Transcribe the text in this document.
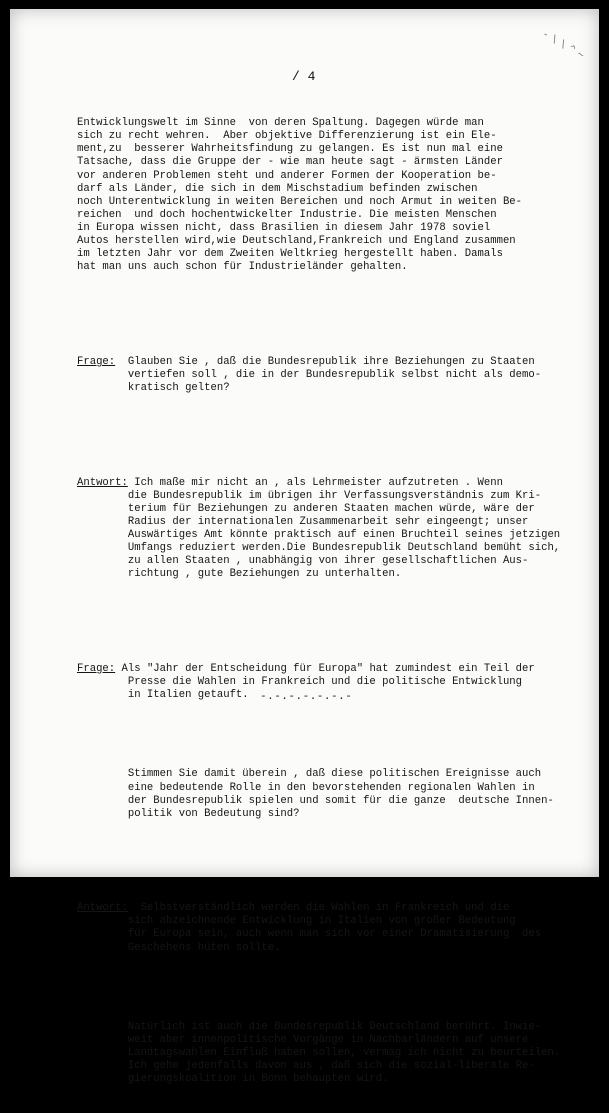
- \ \ ^ ~
/ 4

Entwicklungswelt im Sinne  von deren Spaltung. Dagegen würde man
sich zu recht wehren.  Aber objektive Differenzierung ist ein Ele-
ment,zu  besserer Wahrheitsfindung zu gelangen. Es ist nun mal eine
Tatsache, dass die Gruppe der - wie man heute sagt - ärmsten Länder
vor anderen Problemen steht und anderer Formen der Kooperation be-
darf als Länder, die sich in dem Mischstadium befinden zwischen
noch Unterentwicklung in weiten Bereichen und noch Armut in weiten Be-
reichen  und doch hochentwickelter Industrie. Die meisten Menschen
in Europa wissen nicht, dass Brasilien in diesem Jahr 1978 soviel
Autos herstellen wird,wie Deutschland,Frankreich und England zusammen
im letzten Jahr vor dem Zweiten Weltkrieg hergestellt haben. Damals
hat man uns auch schon für Industrieländer gehalten.

Frage:  Glauben Sie , daß die Bundesrepublik ihre Beziehungen zu Staaten
vertiefen soll , die in der Bundesrepublik selbst nicht als demo-
kratisch gelten?

Antwort: Ich maße mir nicht an , als Lehrmeister aufzutreten . Wenn
die Bundesrepublik im übrigen ihr Verfassungsverständnis zum Kri-
terium für Beziehungen zu anderen Staaten machen würde, wäre der
Radius der internationalen Zusammenarbeit sehr eingeengt; unser
Auswärtiges Amt könnte praktisch auf einen Bruchteil seines jetzigen
Umfangs reduziert werden.Die Bundesrepublik Deutschland bemüht sich,
zu allen Staaten , unabhängig von ihrer gesellschaftlichen Aus-
richtung , gute Beziehungen zu unterhalten.

Frage: Als "Jahr der Entscheidung für Europa" hat zumindest ein Teil der
Presse die Wahlen in Frankreich und die politische Entwicklung
in Italien getauft.

Stimmen Sie damit überein , daß diese politischen Ereignisse auch
eine bedeutende Rolle in den bevorstehenden regionalen Wahlen in
der Bundesrepublik spielen und somit für die ganze  deutsche Innen-
politik von Bedeutung sind?

Antwort:  Selbstverständlich werden die Wahlen in Frankreich und die
sich abzeichnende Entwicklung in Italien von großer Bedeutung
für Europa sein, auch wenn man sich vor einer Dramatisierung  des
Geschehens hüten sollte.

Natürlich ist auch die Bundesrepublik Deutschland berührt. Inwie-
weit aber innenpolitische Vorgänge in Nachbarländern auf unsere
Landtagswahlen Einfluß haben sollen, vermag ich nicht zu beurteilen.
Ich gehe jedenfalls davon aus , daß sich die sozial-liberale Re-
gierungskoalition in Bonn behaupten wird.

-.-.-.-.-.-.-
